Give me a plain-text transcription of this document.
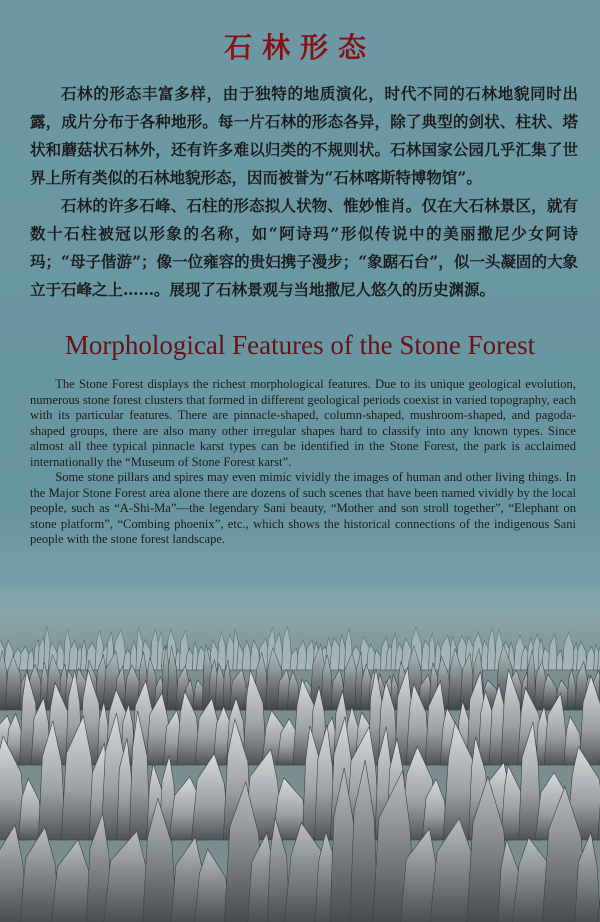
石林形态

石林的形态丰富多样，由于独特的地质演化，时代不同的石林地貌同时出露，成片分布于各种地形。每一片石林的形态各异，除了典型的剑状、柱状、塔状和蘑菇状石林外，还有许多难以归类的不规则状。石林国家公园几乎汇集了世界上所有类似的石林地貌形态，因而被誉为“石林喀斯特博物馆”。

石林的许多石峰、石柱的形态拟人状物、惟妙惟肖。仅在大石林景区，就有数十石柱被冠以形象的名称，如“阿诗玛”形似传说中的美丽撒尼少女阿诗玛；“母子偕游”；像一位雍容的贵妇携子漫步；“象踞石台”，似一头凝固的大象立于石峰之上……。展现了石林景观与当地撒尼人悠久的历史渊源。

Morphological Features of the Stone Forest

The Stone Forest displays the richest morphological features. Due to its unique geological evolution, numerous stone forest clusters that formed in different geological periods coexist in varied topography, each with its particular features. There are pinnacle-shaped, column-shaped, mushroom-shaped, and pagoda-shaped groups, there are also many other irregular shapes hard to classify into any known types. Since almost all thee typical pinnacle karst types can be identified in the Stone Forest, the park is acclaimed internationally the “Museum of Stone Forest karst”.

Some stone pillars and spires may even mimic vividly the images of human and other living things. In the Major Stone Forest area alone there are dozens of such scenes that have been named vividly by the local people, such as “A-Shi-Ma”—the legendary Sani beauty, “Mother and son stroll together”, “Elephant on stone platform”, “Combing phoenix”, etc., which shows the historical connections of the indigenous Sani people with the stone forest landscape.
